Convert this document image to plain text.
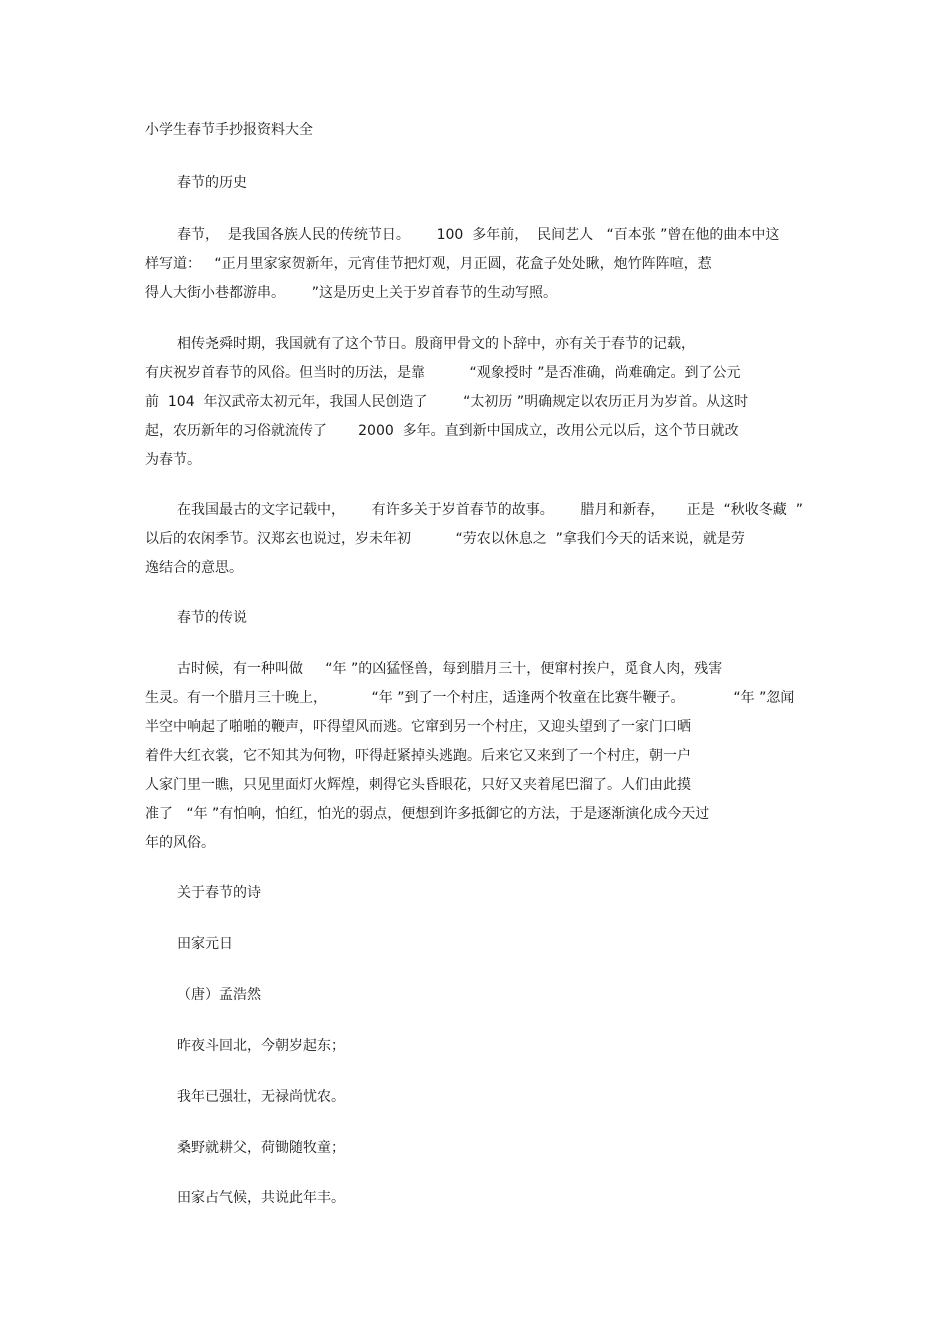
小学生春节手抄报资料大全
春节的历史
春节，  是我国各族人民的传统节日。      100  多年前，  民间艺人   “百本张 ”曾在他的曲本中这
样写道：   “正月里家家贺新年，元宵佳节把灯观，月正圆，花盒子处处瞅，炮竹阵阵喧，惹
得人大街小巷都游串。      ”这是历史上关于岁首春节的生动写照。
相传尧舜时期，我国就有了这个节日。殷商甲骨文的卜辞中，亦有关于春节的记载，
有庆祝岁首春节的风俗。但当时的历法，是靠          “观象授时 ”是否准确，尚难确定。到了公元
前  104  年汉武帝太初元年，我国人民创造了        “太初历 ”明确规定以农历正月为岁首。从这时
起，农历新年的习俗就流传了       2000  多年。直到新中国成立，改用公元以后，这个节日就改
为春节。
在我国最古的文字记载中，      有许多关于岁首春节的故事。      腊月和新春，     正是  “秋收冬藏  ”
以后的农闲季节。汉郑玄也说过，岁未年初          “劳农以休息之  ”拿我们今天的话来说，就是劳
逸结合的意思。
春节的传说
古时候，有一种叫做     “年 ”的凶猛怪兽，每到腊月三十，便窜村挨户，觅食人肉，残害
生灵。有一个腊月三十晚上，          “年 ”到了一个村庄，适逢两个牧童在比赛牛鞭子。           “年 ”忽闻
半空中响起了啪啪的鞭声，吓得望风而逃。它窜到另一个村庄，又迎头望到了一家门口晒
着件大红衣裳，它不知其为何物，吓得赶紧掉头逃跑。后来它又来到了一个村庄，朝一户
人家门里一瞧，只见里面灯火辉煌，刺得它头昏眼花，只好又夹着尾巴溜了。人们由此摸
准了   “年 ”有怕响，怕红，怕光的弱点，便想到许多抵御它的方法，于是逐渐演化成今天过
年的风俗。
关于春节的诗
田家元日
（唐）孟浩然
昨夜斗回北，今朝岁起东；
我年已强壮，无禄尚忧农。
桑野就耕父，荷锄随牧童；
田家占气候，共说此年丰。
